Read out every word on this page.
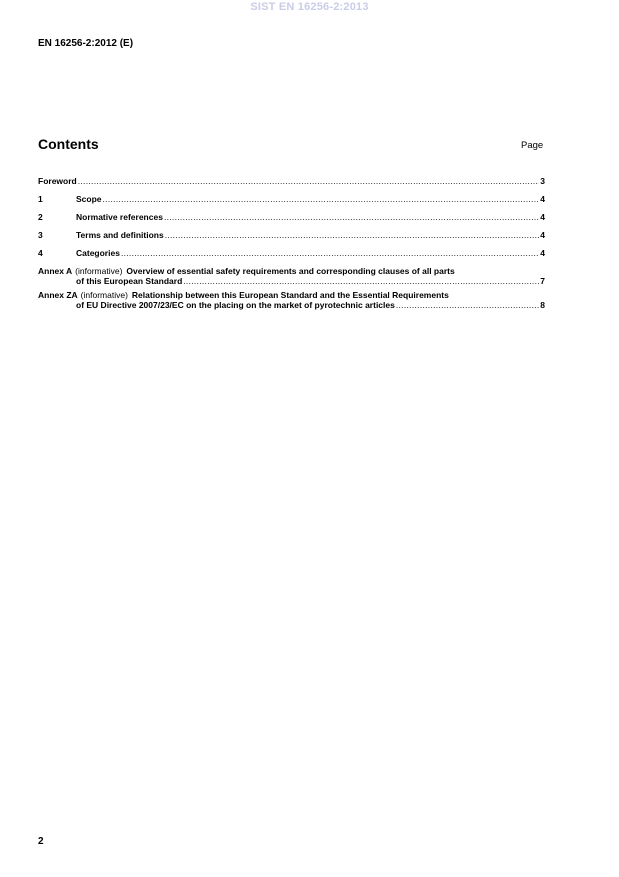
SIST EN 16256-2:2013
EN 16256-2:2012 (E)
Contents	Page
Foreword .....	3
1	Scope .....	4
2	Normative references .....	4
3	Terms and definitions .....	4
4	Categories .....	4
Annex A (informative) Overview of essential safety requirements and corresponding clauses of all parts
of this European Standard .....	7
Annex ZA (informative) Relationship between this European Standard and the Essential Requirements
of EU Directive 2007/23/EC on the placing on the market of pyrotechnic articles .....	8
2
